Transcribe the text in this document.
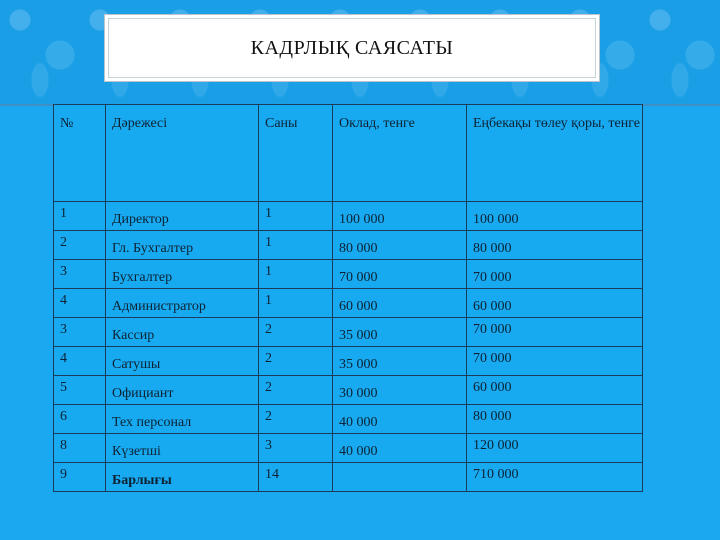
КАДРЛЫҚ САЯСАТЫ
№	Дәрежесі	Саны	Оклад, тенге	Еңбекақы төлеу қоры, тенге

1	Директор	1	100 000	100 000

2	Гл. Бухгалтер	1	80 000	80 000

3	Бухгалтер	1	70 000	70 000

4	Администратор	1	60 000	60 000

3	Кассир	2	35 000	70 000

4	Сатушы	2	35 000	70 000

5	Официант	2	30 000	60 000

6	Тех персонал	2	40 000	80 000

8	Күзетші	3	40 000	120 000

9	Барлығы	14		710 000
